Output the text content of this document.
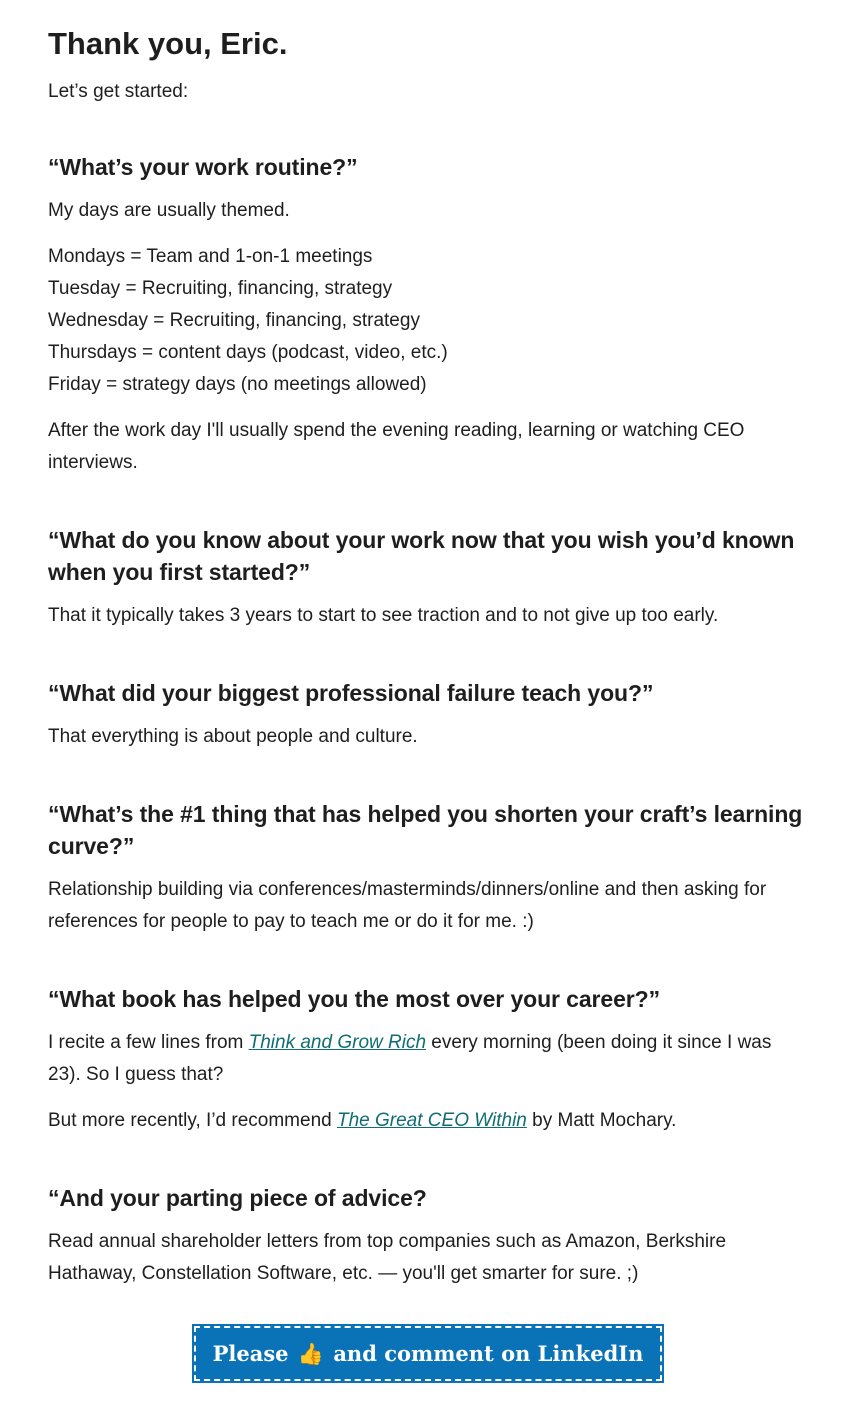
Thank you, Eric.

Let’s get started:

“What’s your work routine?”

My days are usually themed.

Mondays = Team and 1-on-1 meetings
Tuesday = Recruiting, financing, strategy
Wednesday = Recruiting, financing, strategy
Thursdays = content days (podcast, video, etc.)
Friday = strategy days (no meetings allowed)

After the work day I'll usually spend the evening reading, learning or watching CEO interviews.

“What do you know about your work now that you wish you’d known when you first started?”

That it typically takes 3 years to start to see traction and to not give up too early.

“What did your biggest professional failure teach you?”

That everything is about people and culture.

“What’s the #1 thing that has helped you shorten your craft’s learning curve?”

Relationship building via conferences/masterminds/dinners/online and then asking for references for people to pay to teach me or do it for me. :)

“What book has helped you the most over your career?”

I recite a few lines from Think and Grow Rich every morning (been doing it since I was 23). So I guess that?

But more recently, I’d recommend The Great CEO Within by Matt Mochary.

“And your parting piece of advice?

Read annual shareholder letters from top companies such as Amazon, Berkshire Hathaway, Constellation Software, etc. — you'll get smarter for sure. ;)

Please 👍 and comment on LinkedIn
